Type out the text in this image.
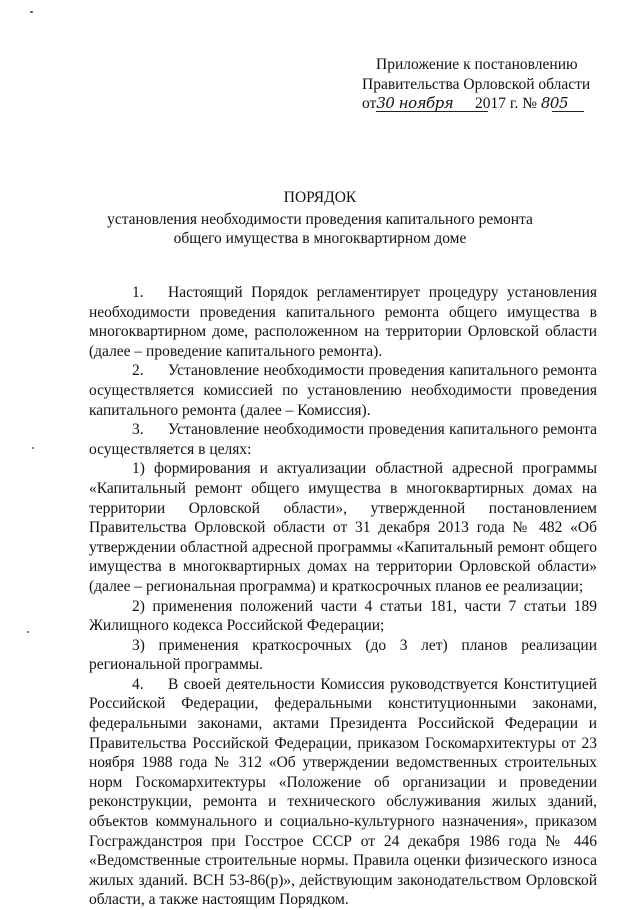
Приложение к постановлению
Правительства Орловской области
от30 ноября 2017 г. № 805
ПОРЯДОК
установления необходимости проведения капитального ремонта
общего имущества в многоквартирном доме

1. Настоящий Порядок регламентирует процедуру установления необходимости проведения капитального ремонта общего имущества в многоквартирном доме, расположенном на территории Орловской области (далее – проведение капитального ремонта).

2. Установление необходимости проведения капитального ремонта осуществляется комиссией по установлению необходимости проведения капитального ремонта (далее – Комиссия).

3. Установление необходимости проведения капитального ремонта осуществляется в целях:

1) формирования и актуализации областной адресной программы «Капитальный ремонт общего имущества в многоквартирных домах на территории Орловской области», утвержденной постановлением Правительства Орловской области от 31 декабря 2013 года № 482 «Об утверждении областной адресной программы «Капитальный ремонт общего имущества в многоквартирных домах на территории Орловской области» (далее – региональная программа) и краткосрочных планов ее реализации;

2) применения положений части 4 статьи 181, части 7 статьи 189 Жилищного кодекса Российской Федерации;

3) применения краткосрочных (до 3 лет) планов реализации региональной программы.

4. В своей деятельности Комиссия руководствуется Конституцией Российской Федерации, федеральными конституционными законами, федеральными законами, актами Президента Российской Федерации и Правительства Российской Федерации, приказом Госкомархитектуры от 23 ноября 1988 года № 312 «Об утверждении ведомственных строительных норм Госкомархитектуры «Положение об организации и проведении реконструкции, ремонта и технического обслуживания жилых зданий, объектов коммунального и социально-культурного назначения», приказом Госгражданстроя при Госстрое СССР от 24 декабря 1986 года № 446 «Ведомственные строительные нормы. Правила оценки физического износа жилых зданий. ВСН 53-86(р)», действующим законодательством Орловской области, а также настоящим Порядком.
